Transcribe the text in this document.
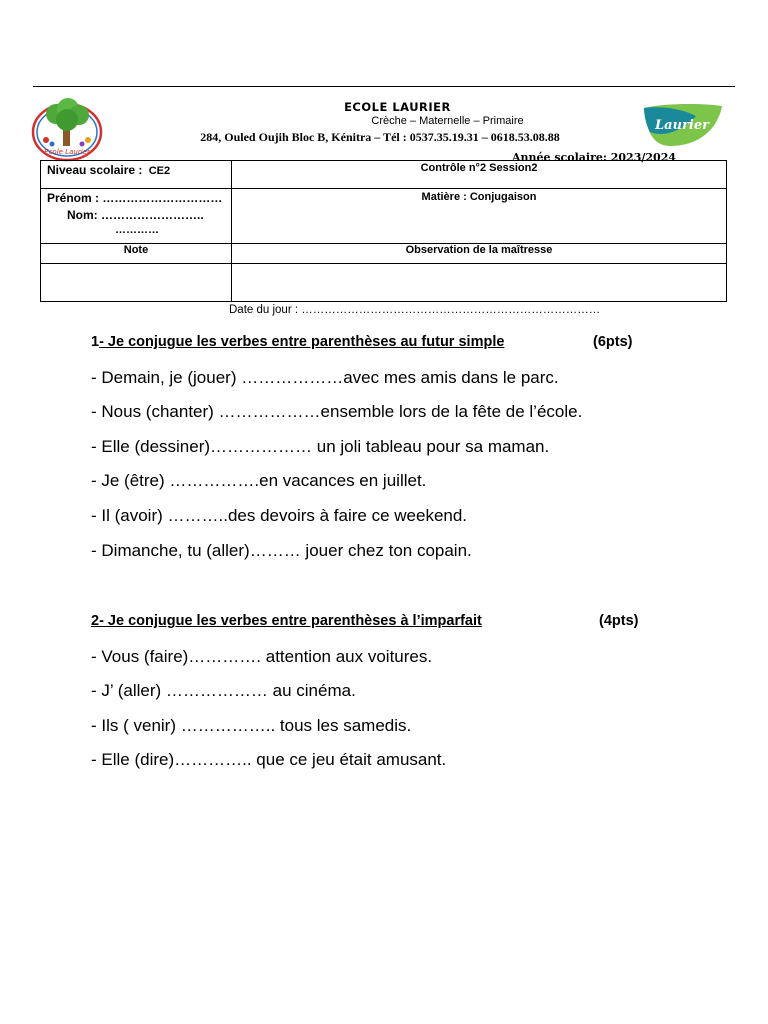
Ecole Laurier
Laurier
ECOLE LAURIER
Crèche – Maternelle – Primaire
284, Ouled Oujih Bloc B, Kénitra – Tél : 0537.35.19.31 – 0618.53.08.88
Année scolaire: 2023/2024
Niveau scolaire : CE2	Contrôle n°2 Session2

Prénom : …………………………
Nom: ……………………..
…………	Matière : Conjugaison
Note	Observation de la maîtresse

Date du jour : ……………………………………………………………………
1- Je conjugue les verbes entre parenthèses au futur simple	(6pts)
- Demain, je (jouer) ………………avec mes amis dans le parc.
- Nous (chanter) ………………ensemble lors de la fête de l’école.
- Elle (dessiner)……………… un joli tableau pour sa maman.
- Je (être) …………….en vacances en juillet.
- Il (avoir) ………..des devoirs à faire ce weekend.
- Dimanche, tu (aller)……… jouer chez ton copain.
2- Je conjugue les verbes entre parenthèses à l’imparfait	(4pts)
- Vous (faire)…………. attention aux voitures.
- J’ (aller) ……………… au cinéma.
- Ils ( venir) …………….. tous les samedis.
- Elle (dire)………….. que ce jeu était amusant.
